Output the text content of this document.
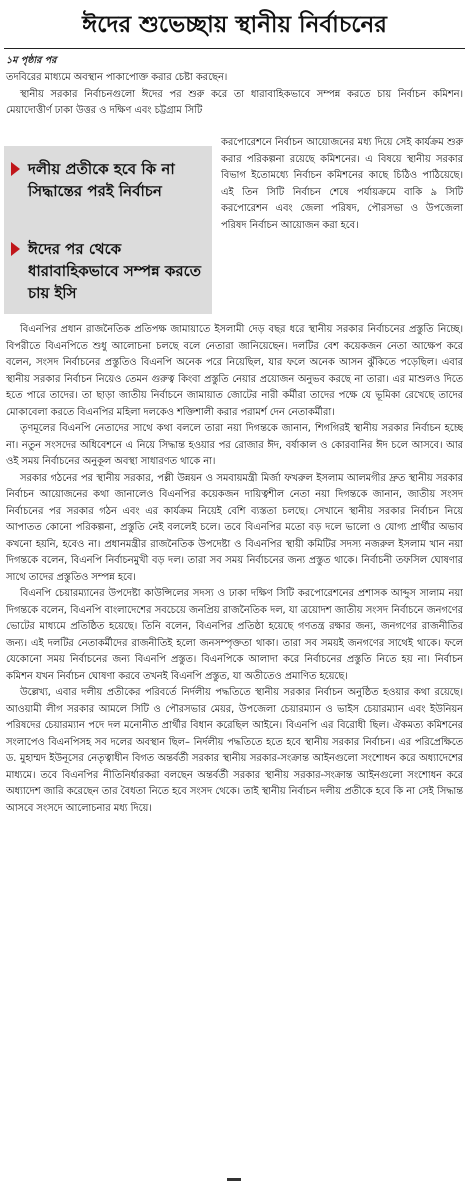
ঈদের শুভেচ্ছায় স্থানীয় নির্বাচনের
১ম পৃষ্ঠার পর

তদবিরের মাধ্যমে অবস্থান পাকাপোক্ত করার চেষ্টা করছেন।

স্থানীয় সরকার নির্বাচনগুলো ঈদের পর শুরু করে তা ধারাবাহিকভাবে সম্পন্ন করতে চায় নির্বাচন কমিশন। মেয়াদোত্তীর্ণ ঢাকা উত্তর ও দক্ষিণ এবং চট্টগ্রাম সিটি

করপোরেশনে নির্বাচন আয়োজনের মধ্য দিয়ে সেই কার্যক্রম শুরু করার পরিকল্পনা রয়েছে কমিশনের। এ বিষয়ে স্থানীয় সরকার বিভাগ ইতোমধ্যে নির্বাচন কমিশনের কাছে চিঠিও পাঠিয়েছে। এই তিন সিটি নির্বাচন শেষে পর্যায়ক্রমে বাকি ৯ সিটি করপোরেশন এবং জেলা পরিষদ, পৌরসভা ও উপজেলা পরিষদ নির্বাচন আয়োজন করা হবে।
দলীয় প্রতীকে হবে কি না সিদ্ধান্তের পরই নির্বাচন
ঈদের পর থেকে ধারাবাহিকভাবে সম্পন্ন করতে চায় ইসি

বিএনপির প্রধান রাজনৈতিক প্রতিপক্ষ জামায়াতে ইসলামী দেড় বছর ধরে স্থানীয় সরকার নির্বাচনের প্রস্তুতি নিচ্ছে। বিপরীতে বিএনপিতে শুধু আলোচনা চলছে বলে নেতারা জানিয়েছেন। দলটির বেশ কয়েকজন নেতা আক্ষেপ করে বলেন, সংসদ নির্বাচনের প্রস্তুতিও বিএনপি অনেক পরে নিয়েছিল, যার ফলে অনেক আসন ঝুঁকিতে পড়েছিল। এবার স্থানীয় সরকার নির্বাচন নিয়েও তেমন গুরুত্ব কিংবা প্রস্তুতি নেয়ার প্রয়োজন অনুভব করছে না তারা। এর মাশুলও দিতে হতে পারে তাদের। তা ছাড়া জাতীয় নির্বাচনে জামায়াত জোটের নারী কর্মীরা তাদের পক্ষে যে ভূমিকা রেখেছে তাদের মোকাবেলা করতে বিএনপির মহিলা দলকেও শক্তিশালী করার পরামর্শ দেন নেতাকর্মীরা।

তৃণমূলের বিএনপি নেতাদের সাথে কথা বললে তারা নয়া দিগন্তকে জানান, শিগগিরই স্থানীয় সরকার নির্বাচন হচ্ছে না। নতুন সংসদের অধিবেশনে এ নিয়ে সিদ্ধান্ত হওয়ার পর রোজার ঈদ, বর্ষাকাল ও কোরবানির ঈদ চলে আসবে। আর ওই সময় নির্বাচনের অনুকূল অবস্থা সাধারণত থাকে না।

সরকার গঠনের পর স্থানীয় সরকার, পল্লী উন্নয়ন ও সমবায়মন্ত্রী মির্জা ফখরুল ইসলাম আলমগীর দ্রুত স্থানীয় সরকার নির্বাচন আয়োজনের কথা জানালেও বিএনপির কয়েকজন দায়িত্বশীল নেতা নয়া দিগন্তকে জানান, জাতীয় সংসদ নির্বাচনের পর সরকার গঠন এবং এর কার্যক্রম নিয়েই বেশি ব্যস্ততা চলছে। সেখানে স্থানীয় সরকার নির্বাচন নিয়ে আপাতত কোনো পরিকল্পনা, প্রস্তুতি নেই বললেই চলে। তবে বিএনপির মতো বড় দলে ভালো ও যোগ্য প্রার্থীর অভাব কখনো হয়নি, হবেও না। প্রধানমন্ত্রীর রাজনৈতিক উপদেষ্টা ও বিএনপির স্থায়ী কমিটির সদস্য নজরুল ইসলাম খান নয়া দিগন্তকে বলেন, বিএনপি নির্বাচনমুখী বড় দল। তারা সব সময় নির্বাচনের জন্য প্রস্তুত থাকে। নির্বাচনী তফসিল ঘোষণার সাথে তাদের প্রস্তুতিও সম্পন্ন হবে।

বিএনপি চেয়ারম্যানের উপদেষ্টা কাউন্সিলের সদস্য ও ঢাকা দক্ষিণ সিটি করপোরেশনের প্রশাসক আব্দুস সালাম নয়া দিগন্তকে বলেন, বিএনপি বাংলাদেশের সবচেয়ে জনপ্রিয় রাজনৈতিক দল, যা ত্রয়োদশ জাতীয় সংসদ নির্বাচনে জনগণের ভোটের মাধ্যমে প্রতিষ্ঠিত হয়েছে। তিনি বলেন, বিএনপির প্রতিষ্ঠা হয়েছে গণতন্ত্র রক্ষার জন্য, জনগণের রাজনীতির জন্য। এই দলটির নেতাকর্মীদের রাজনীতিই হলো জনসম্পৃক্ততা থাকা। তারা সব সময়ই জনগণের সাথেই থাকে। ফলে যেকোনো সময় নির্বাচনের জন্য বিএনপি প্রস্তুত। বিএনপিকে আলাদা করে নির্বাচনের প্রস্তুতি নিতে হয় না। নির্বাচন কমিশন যখন নির্বাচন ঘোষণা করবে তখনই বিএনপি প্রস্তুত, যা অতীতেও প্রমাণিত হয়েছে।

উল্লেখ্য, এবার দলীয় প্রতীকের পরিবর্তে নির্দলীয় পদ্ধতিতে স্থানীয় সরকার নির্বাচন অনুষ্ঠিত হওয়ার কথা রয়েছে। আওয়ামী লীগ সরকার আমলে সিটি ও পৌরসভার মেয়র, উপজেলা চেয়ারম্যান ও ভাইস চেয়ারম্যান এবং ইউনিয়ন পরিষদের চেয়ারম্যান পদে দল মনোনীত প্রার্থীর বিধান করেছিল আইনে। বিএনপি এর বিরোধী ছিল। ঐকমত্য কমিশনের সংলাপেও বিএনপিসহ সব দলের অবস্থান ছিল– নির্দলীয় পদ্ধতিতে হতে হবে স্থানীয় সরকার নির্বাচন। এর পরিপ্রেক্ষিতে ড. মুহাম্মদ ইউনূসের নেতৃত্বাধীন বিগত অন্তর্বর্তী সরকার স্থানীয় সরকার-সংক্রান্ত আইনগুলো সংশোধন করে অধ্যাদেশের মাধ্যমে। তবে বিএনপির নীতিনির্ধারকরা বলছেন অন্তর্বর্তী সরকার স্থানীয় সরকার-সংক্রান্ত আইনগুলো সংশোধন করে অধ্যাদেশ জারি করেছেন তার বৈধতা নিতে হবে সংসদ থেকে। তাই স্থানীয় নির্বাচন দলীয় প্রতীকে হবে কি না সেই সিদ্ধান্ত আসবে সংসদে আলোচনার মধ্য দিয়ে।
